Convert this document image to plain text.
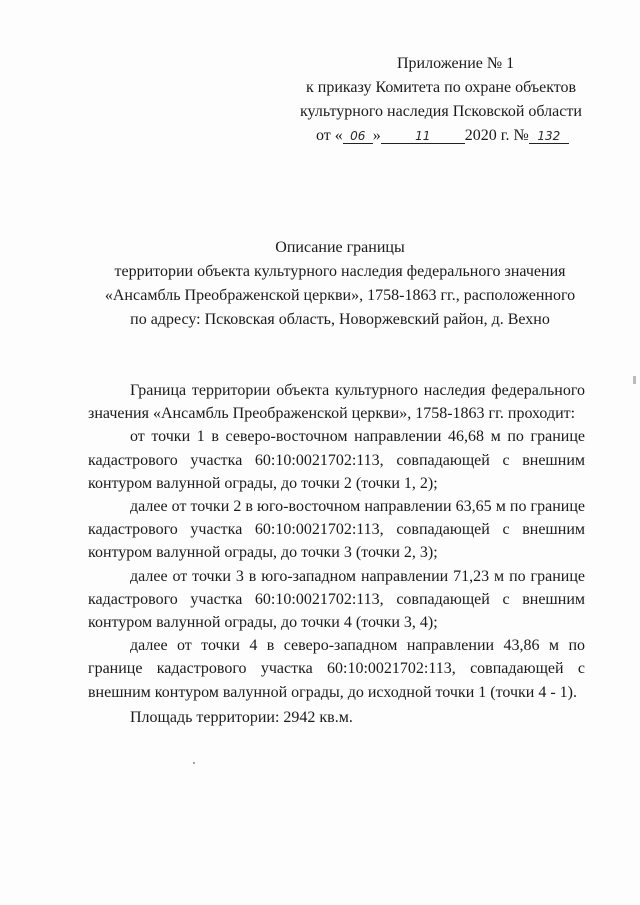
Приложение № 1
к приказу Комитета по охране объектов
культурного наследия Псковской области
от « 06 »	11 2020 г. № 132
Описание границы
территории объекта культурного наследия федерального значения
«Ансамбль Преображенской церкви», 1758-1863 гг., расположенного
по адресу: Псковская область, Новоржевский район, д. Вехно

Граница территории объекта культурного наследия федерального значения «Ансамбль Преображенской церкви», 1758-1863 гг. проходит:

от точки 1 в северо-восточном направлении 46,68 м по границе кадастрового участка 60:10:0021702:113, совпадающей с внешним контуром валунной ограды, до точки 2 (точки 1, 2);

далее от точки 2 в юго-восточном направлении 63,65 м по границе кадастрового участка 60:10:0021702:113, совпадающей с внешним контуром валунной ограды, до точки 3 (точки 2, 3);

далее от точки 3 в юго-западном направлении 71,23 м по границе кадастрового участка 60:10:0021702:113, совпадающей с внешним контуром валунной ограды, до точки 4 (точки 3, 4);

далее от точки 4 в северо-западном направлении 43,86 м по границе кадастрового участка 60:10:0021702:113, совпадающей с внешним контуром валунной ограды, до исходной точки 1 (точки 4 - 1).

Площадь территории: 2942 кв.м.
